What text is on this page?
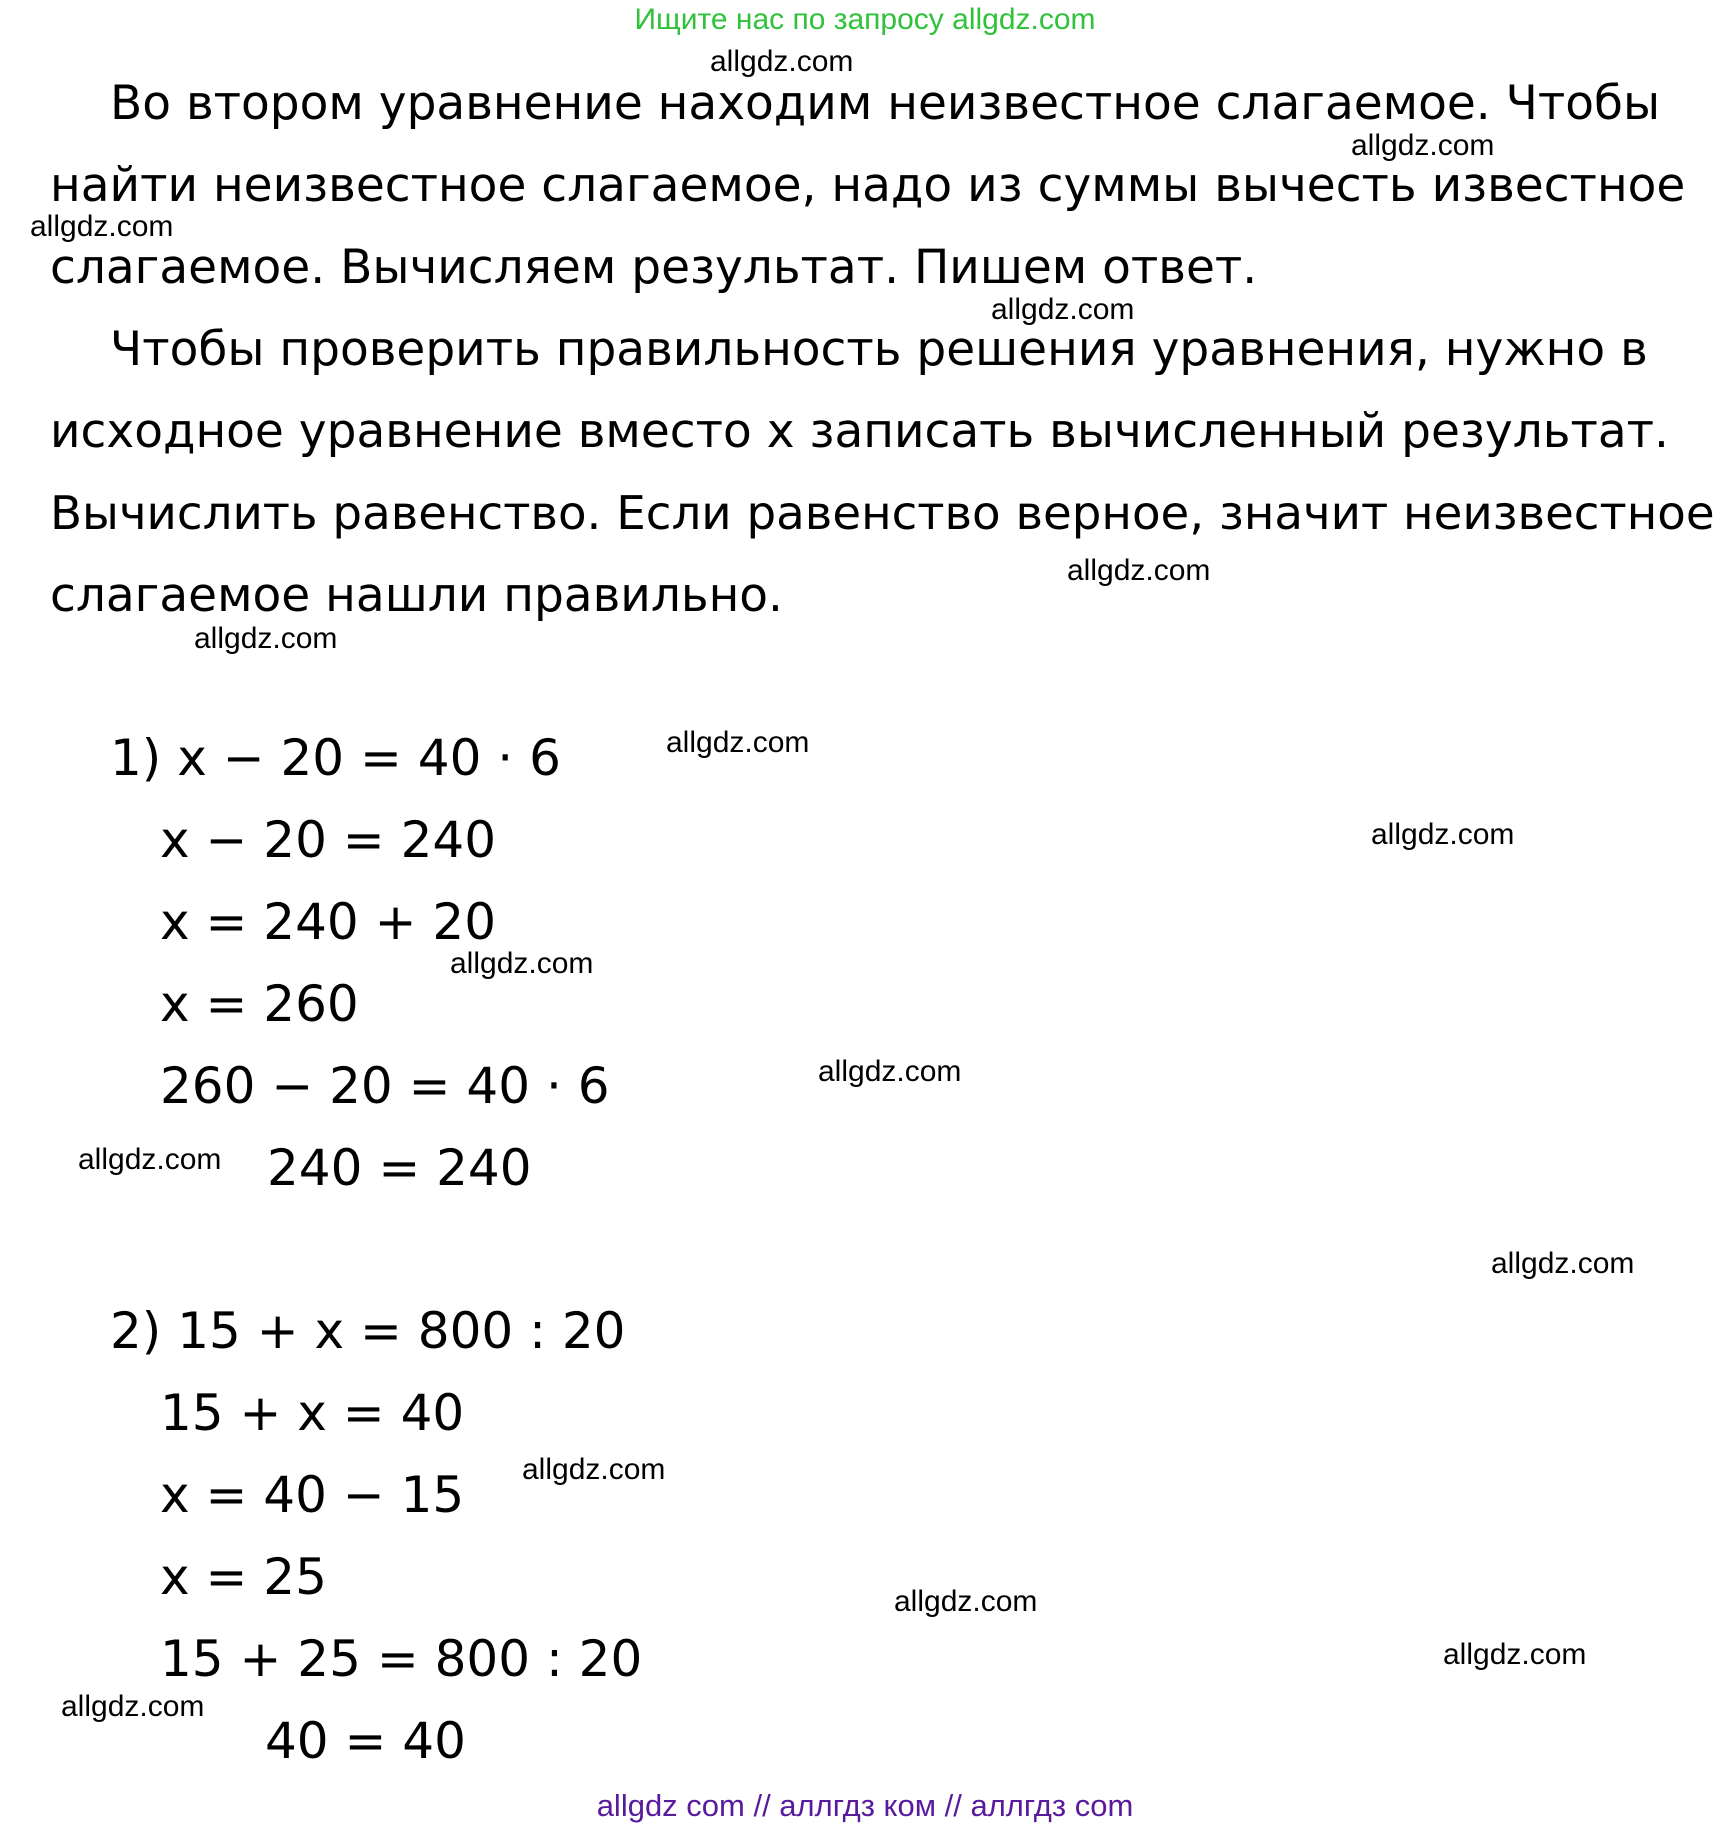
Ищите нас по запросу allgdz.com
Во втором уравнение находим неизвестное слагаемое. Чтобы
найти неизвестное слагаемое, надо из суммы вычесть известное
слагаемое. Вычисляем результат. Пишем ответ.
Чтобы проверить правильность решения уравнения, нужно в
исходное уравнение вместо х записать вычисленный результат.
Вычислить равенство. Если равенство верное, значит неизвестное
слагаемое нашли правильно.
1) x − 20 = 40 · 6
x − 20 = 240
x = 240 + 20
x = 260
260 − 20 = 40 · 6
240 = 240
2) 15 + x = 800 : 20
15 + x = 40
x = 40 − 15
x = 25
15 + 25 = 800 : 20
40 = 40
allgdz.com
allgdz.com
allgdz.com
allgdz.com
allgdz.com
allgdz.com
allgdz.com
allgdz.com
allgdz.com
allgdz.com
allgdz.com
allgdz.com
allgdz.com
allgdz.com
allgdz.com
allgdz.com
allgdz com // аллгдз ком // аллгдз com
